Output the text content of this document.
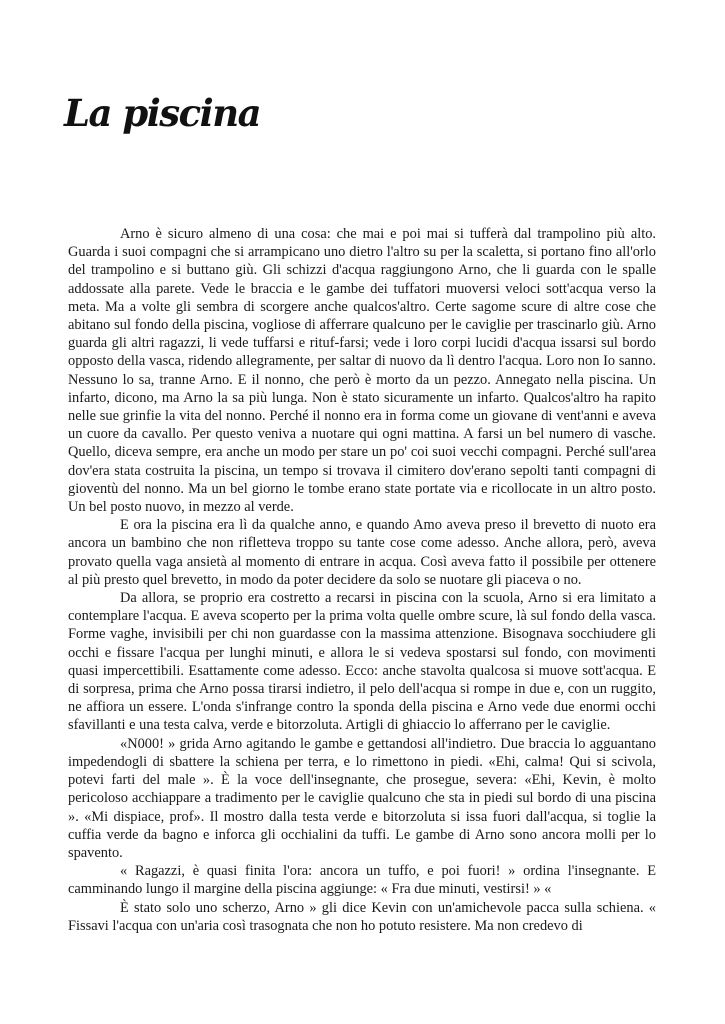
La piscina

Arno è sicuro almeno di una cosa: che mai e poi mai si tufferà dal trampolino più alto. Guarda i suoi compagni che si arrampicano uno dietro l'altro su per la scaletta, si portano fino all'orlo del trampolino e si buttano giù. Gli schizzi d'acqua raggiungono Arno, che li guarda con le spalle addossate alla parete. Vede le braccia e le gambe dei tuffatori muoversi veloci sott'acqua verso la meta. Ma a volte gli sembra di scorgere anche qualcos'altro. Certe sagome scure di altre cose che abitano sul fondo della piscina, vogliose di afferrare qualcuno per le caviglie per trascinarlo giù. Arno guarda gli altri ragazzi, li vede tuffarsi e rituf-farsi; vede i loro corpi lucidi d'acqua issarsi sul bordo opposto della vasca, ridendo allegramente, per saltar di nuovo da lì dentro l'acqua. Loro non Io sanno. Nessuno lo sa, tranne Arno. E il nonno, che però è morto da un pezzo. Annegato nella piscina. Un infarto, dicono, ma Arno la sa più lunga. Non è stato sicuramente un infarto. Qualcos'altro ha rapito nelle sue grinfie la vita del nonno. Perché il nonno era in forma come un giovane di vent'anni e aveva un cuore da cavallo. Per questo veniva a nuotare qui ogni mattina. A farsi un bel numero di vasche. Quello, diceva sempre, era anche un modo per stare un po' coi suoi vecchi compagni. Perché sull'area dov'era stata costruita la piscina, un tempo si trovava il cimitero dov'erano sepolti tanti compagni di gioventù del nonno. Ma un bel giorno le tombe erano state portate via e ricollocate in un altro posto. Un bel posto nuovo, in mezzo al verde.

E ora la piscina era lì da qualche anno, e quando Amo aveva preso il brevetto di nuoto era ancora un bambino che non rifletteva troppo su tante cose come adesso. Anche allora, però, aveva provato quella vaga ansietà al momento di entrare in acqua. Così aveva fatto il possibile per ottenere al più presto quel brevetto, in modo da poter decidere da solo se nuotare gli piaceva o no.

Da allora, se proprio era costretto a recarsi in piscina con la scuola, Arno si era limitato a contemplare l'acqua. E aveva scoperto per la prima volta quelle ombre scure, là sul fondo della vasca. Forme vaghe, invisibili per chi non guardasse con la massima attenzione. Bisognava socchiudere gli occhi e fissare l'acqua per lunghi minuti, e allora le si vedeva spostarsi sul fondo, con movimenti quasi impercettibili. Esattamente come adesso. Ecco: anche stavolta qualcosa si muove sott'acqua. E di sorpresa, prima che Arno possa tirarsi indietro, il pelo dell'acqua si rompe in due e, con un ruggito, ne affiora un essere. L'onda s'infrange contro la sponda della piscina e Arno vede due enormi occhi sfavillanti e una testa calva, verde e bitorzoluta. Artigli di ghiaccio lo afferrano per le caviglie.

«N000! » grida Arno agitando le gambe e gettandosi all'indietro. Due braccia lo agguantano impedendogli di sbattere la schiena per terra, e lo rimettono in piedi. «Ehi, calma! Qui si scivola, potevi farti del male ». È la voce dell'insegnante, che prosegue, severa: «Ehi, Kevin, è molto pericoloso acchiappare a tradimento per le caviglie qualcuno che sta in piedi sul bordo di una piscina ». «Mi dispiace, prof». Il mostro dalla testa verde e bitorzoluta si issa fuori dall'acqua, si toglie la cuffia verde da bagno e inforca gli occhialini da tuffi. Le gambe di Arno sono ancora molli per lo spavento.

« Ragazzi, è quasi finita l'ora: ancora un tuffo, e poi fuori! » ordina l'insegnante. E camminando lungo il margine della piscina aggiunge: « Fra due minuti, vestirsi! » «

È stato solo uno scherzo, Arno » gli dice Kevin con un'amichevole pacca sulla schiena. « Fissavi l'acqua con un'aria così trasognata che non ho potuto resistere. Ma non credevo di
